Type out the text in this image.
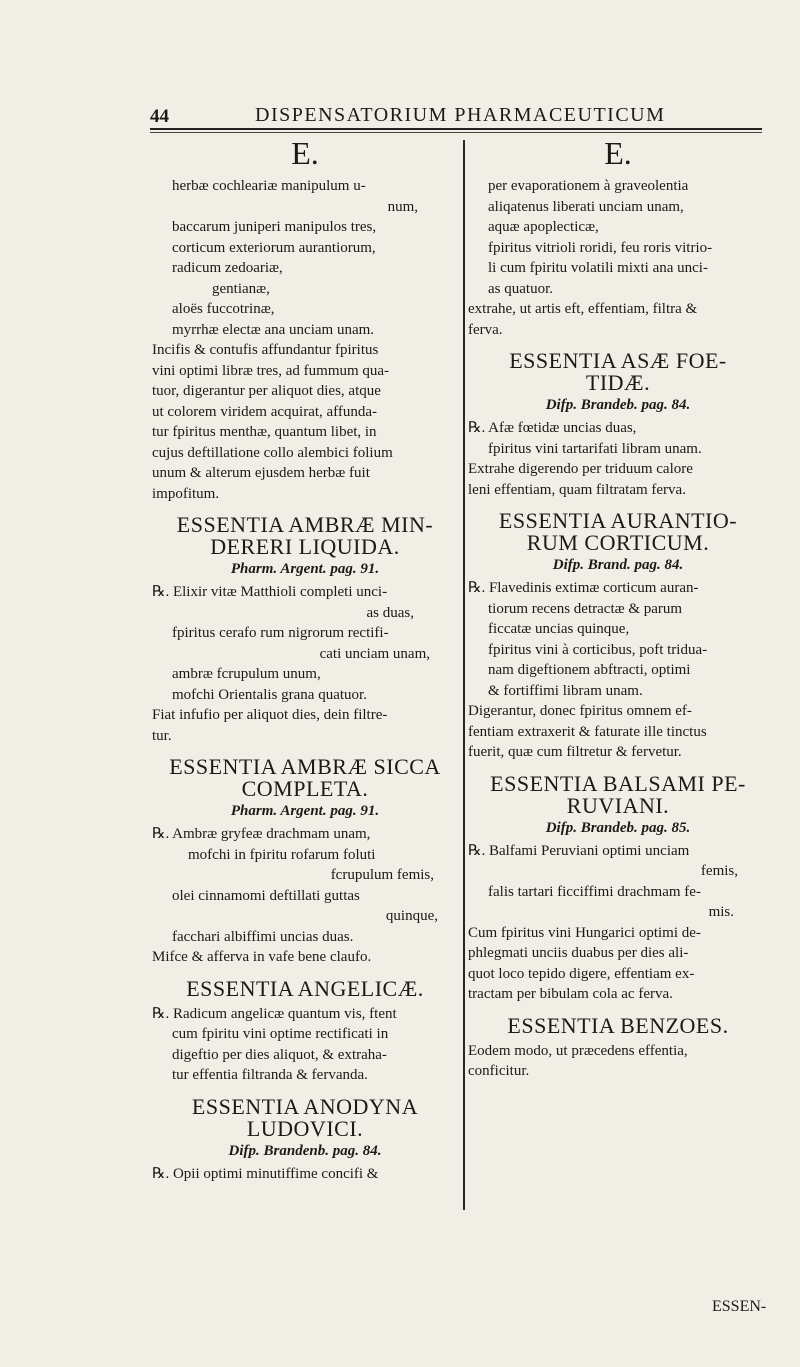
44	DISPENSATORIUM PHARMACEUTICUM
E.
herbæ cochleariæ manipulum u-
num,
baccarum juniperi manipulos tres,
corticum exteriorum aurantiorum,
radicum zedoariæ,
gentianæ,
aloës fuccotrinæ,
myrrhæ electæ ana unciam unam.
Incifis & contufis affundantur fpiritus
vini optimi libræ tres, ad fummum qua-
tuor, digerantur per aliquot dies, atque
ut colorem viridem acquirat, affunda-
tur fpiritus menthæ, quantum libet, in
cujus deftillatione collo alembici folium
unum & alterum ejusdem herbæ fuit
impofitum.
ESSENTIA AMBRÆ MIN-
DERERI LIQUIDA.
Pharm. Argent. pag. 91.
℞. Elixir vitæ Matthioli completi unci-
as duas,
fpiritus cerafo rum nigrorum rectifi-
cati unciam unam,
ambræ fcrupulum unum,
mofchi Orientalis grana quatuor.
Fiat infufio per aliquot dies, dein filtre-
tur.
ESSENTIA AMBRÆ SICCA
COMPLETA.
Pharm. Argent. pag. 91.
℞. Ambræ gryfeæ drachmam unam,
mofchi in fpiritu rofarum foluti
fcrupulum femis,
olei cinnamomi deftillati guttas
quinque,
facchari albiffimi uncias duas.
Mifce & afferva in vafe bene claufo.
ESSENTIA ANGELICÆ.
℞. Radicum angelicæ quantum vis, ftent
cum fpiritu vini optime rectificati in
digeftio per dies aliquot, & extraha-
tur effentia filtranda & fervanda.
ESSENTIA ANODYNA
LUDOVICI.
Difp. Brandenb. pag. 84.
℞. Opii optimi minutiffime concifi &
E.
per evaporationem à graveolentia
aliqatenus liberati unciam unam,
aquæ apoplecticæ,
fpiritus vitrioli roridi, feu roris vitrio-
li cum fpiritu volatili mixti ana unci-
as quatuor.
extrahe, ut artis eft, effentiam, filtra &
ferva.
ESSENTIA ASÆ FOE-
TIDÆ.
Difp. Brandeb. pag. 84.
℞. Afæ fœtidæ uncias duas,
fpiritus vini tartarifati libram unam.
Extrahe digerendo per triduum calore
leni effentiam, quam filtratam ferva.
ESSENTIA AURANTIO-
RUM CORTICUM.
Difp. Brand. pag. 84.
℞. Flavedinis extimæ corticum auran-
tiorum recens detractæ & parum
ficcatæ uncias quinque,
fpiritus vini à corticibus, poft tridua-
nam digeftionem abftracti, optimi
& fortiffimi libram unam.
Digerantur, donec fpiritus omnem ef-
fentiam extraxerit & faturate ille tinctus
fuerit, quæ cum filtretur & fervetur.
ESSENTIA BALSAMI PE-
RUVIANI.
Difp. Brandeb. pag. 85.
℞. Balfami Peruviani optimi unciam
femis,
falis tartari ficciffimi drachmam fe-
mis.
Cum fpiritus vini Hungarici optimi de-
phlegmati unciis duabus per dies ali-
quot loco tepido digere, effentiam ex-
tractam per bibulam cola ac ferva.
ESSENTIA BENZOES.
Eodem modo, ut præcedens effentia,
conficitur.
ESSEN-
